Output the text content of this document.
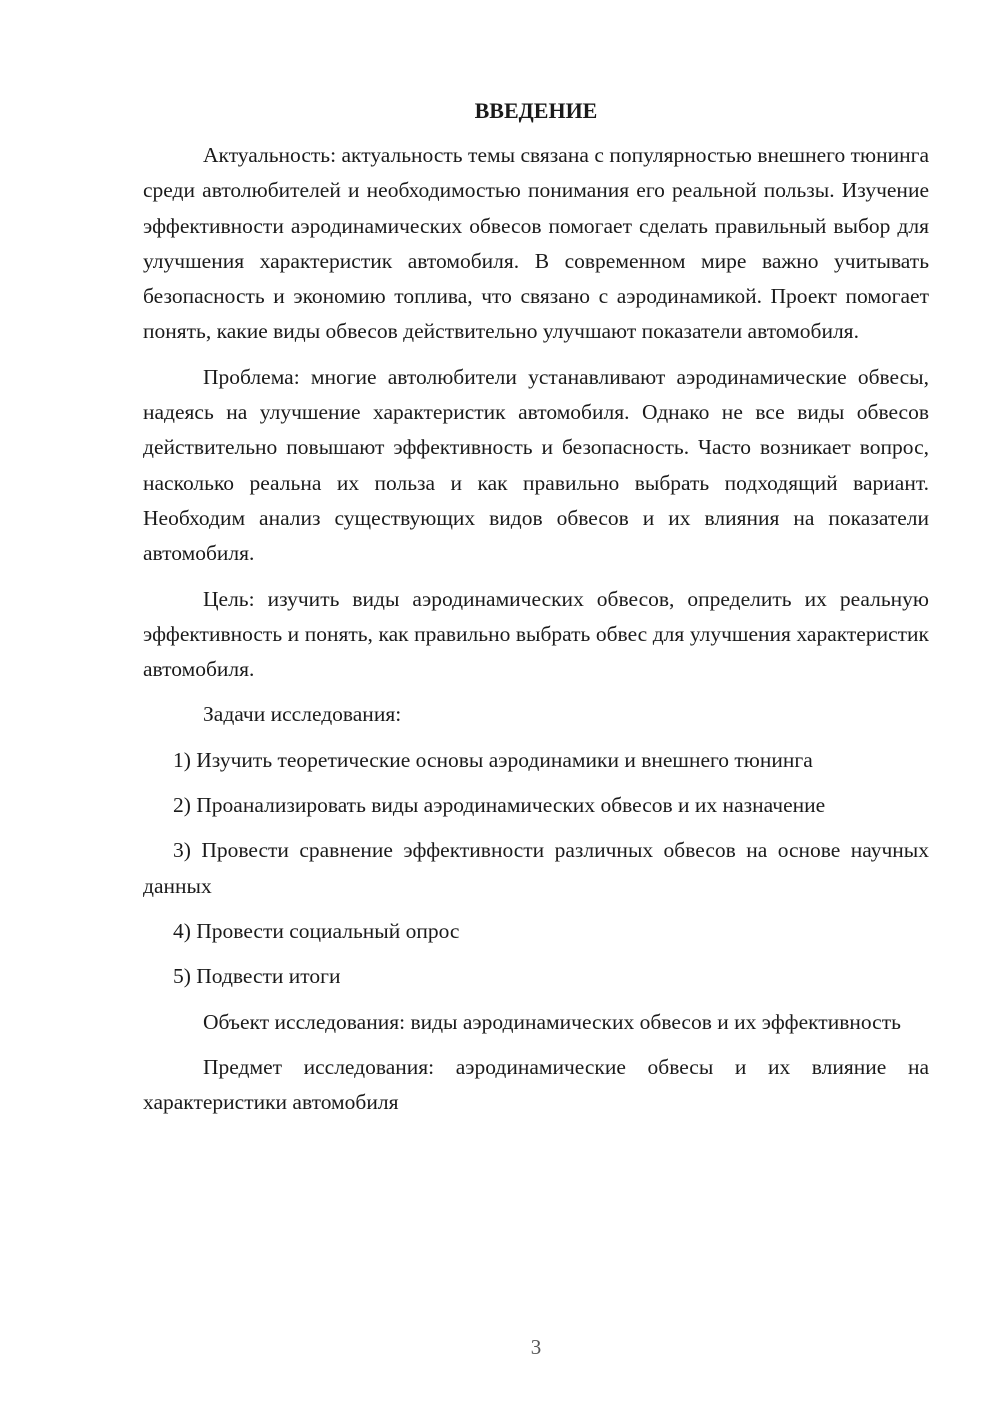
ВВЕДЕНИЕ

Актуальность: актуальность темы связана с популярностью внешнего тюнинга среди автолюбителей и необходимостью понимания его реальной пользы. Изучение эффективности аэродинамических обвесов помогает сделать правильный выбор для улучшения характеристик автомобиля. В современном мире важно учитывать безопасность и экономию топлива, что связано с аэродинамикой. Проект помогает понять, какие виды обвесов действительно улучшают показатели автомобиля.

Проблема: многие автолюбители устанавливают аэродинамические обвесы, надеясь на улучшение характеристик автомобиля. Однако не все виды обвесов действительно повышают эффективность и безопасность. Часто возникает вопрос, насколько реальна их польза и как правильно выбрать подходящий вариант. Необходим анализ существующих видов обвесов и их влияния на показатели автомобиля.

Цель: изучить виды аэродинамических обвесов, определить их реальную эффективность и понять, как правильно выбрать обвес для улучшения характеристик автомобиля.

Задачи исследования:

1) Изучить теоретические основы аэродинамики и внешнего тюнинга

2) Проанализировать виды аэродинамических обвесов и их назначение

3) Провести сравнение эффективности различных обвесов на основе научных данных

4) Провести социальный опрос

5) Подвести итоги

Объект исследования: виды аэродинамических обвесов и их эффективность

Предмет исследования: аэродинамические обвесы и их влияние на характеристики автомобиля

3
